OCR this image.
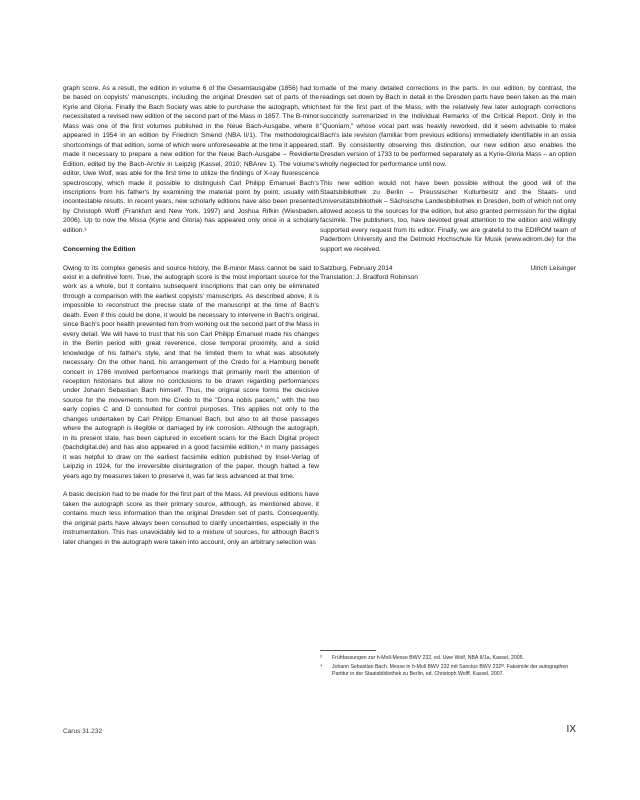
graph score. As a result, the edition in volume 6 of the Gesamtausgabe (1856) had to be based on copyists' manuscripts, including the original Dresden set of parts of the Kyrie and Gloria. Finally the Bach Society was able to purchase the autograph, which necessitated a revised new edition of the second part of the Mass in 1857. The B-minor Mass was one of the first volumes published in the Neue Bach-Ausgabe, where it appeared in 1954 in an edition by Friedrich Smend (NBA II/1). The methodological shortcomings of that edition, some of which were unforeseeable at the time it appeared, made it necessary to prepare a new edition for the Neue Bach-Ausgabe – Revidierte Edition, edited by the Bach-Archiv in Leipzig (Kassel, 2010; NBArev 1). The volume's editor, Uwe Wolf, was able for the first time to utilize the findings of X-ray fluorescence spectroscopy, which made it possible to distinguish Carl Philipp Emanuel Bach's inscriptions from his father's by examining the material point by point, usually with incontestable results. In recent years, new scholarly editions have also been presented by Christoph Wolff (Frankfurt and New York, 1997) and Joshua Rifkin (Wiesbaden, 2006). Up to now the Missa (Kyrie and Gloria) has appeared only once in a scholarly edition.³

Concerning the Edition

Owing to its complex genesis and source history, the B-minor Mass cannot be said to exist in a definitive form. True, the autograph score is the most important source for the work as a whole, but it contains subsequent inscriptions that can only be eliminated through a comparison with the earliest copyists' manuscripts. As described above, it is impossible to reconstruct the precise state of the manuscript at the time of Bach's death. Even if this could be done, it would be necessary to intervene in Bach's original, since Bach's poor health prevented him from working out the second part of the Mass in every detail. We will have to trust that his son Carl Philipp Emanuel made his changes in the Berlin period with great reverence, close temporal proximity, and a solid knowledge of his father's style, and that he limited them to what was absolutely necessary. On the other hand, his arrangement of the Credo for a Hamburg benefit concert in 1786 involved performance markings that primarily merit the attention of reception historians but allow no conclusions to be drawn regarding performances under Johann Sebastian Bach himself. Thus, the original score forms the decisive source for the movements from the Credo to the "Dona nobis pacem," with the two early copies C and D consulted for control purposes. This applies not only to the changes undertaken by Carl Philipp Emanuel Bach, but also to all those passages where the autograph is illegible or damaged by ink corrosion. Although the autograph, in its present state, has been captured in excellent scans for the Bach Digital project (bachdigital.de) and has also appeared in a good facsimile edition,⁴ in many passages it was helpful to draw on the earliest facsimile edition published by Insel-Verlag of Leipzig in 1924, for the irreversible disintegration of the paper, though halted a few years ago by measures taken to preserve it, was far less advanced at that time.

A basic decision had to be made for the first part of the Mass. All previous editions have taken the autograph score as their primary source, although, as mentioned above, it contains much less information than the original Dresden set of parts. Consequently, the original parts have always been consulted to clarify uncertainties, especially in the instrumentation. This has unavoidably led to a mixture of sources, for although Bach's later changes in the autograph were taken into account, only an arbitrary selection was

made of the many detailed corrections in the parts. In our edition, by contrast, the readings set down by Bach in detail in the Dresden parts have been taken as the main text for the first part of the Mass, with the relatively few later autograph corrections succinctly summarized in the Individual Remarks of the Critical Report. Only in the "Quoniam," whose vocal part was heavily reworked, did it seem advisable to make Bach's late revision (familiar from previous editions) immediately identifiable in an ossia staff. By consistently observing this distinction, our new edition also enables the Dresden version of 1733 to be performed separately as a Kyrie-Gloria Mass – an option wholly neglected for performance until now.

This new edition would not have been possible without the good will of the Staatsbibliothek zu Berlin – Preussischer Kulturbesitz and the Staats- und Universitätsbibliothek – Sächsische Landesbibliothek in Dresden, both of which not only allowed access to the sources for the edition, but also granted permission for the digital facsimile. The publishers, too, have devoted great attention to the edition and willingly supported every request from its editor. Finally, we are grateful to the EDIROM team of Paderborn University and the Detmold Hochschule für Musik (www.edirom.de) for the support we received.

Salzburg, February 2014	Ulrich Leisinger

Translation: J. Bradford Robinson

³	Frühfassungen zur h-Moll-Messe BWV 232, ed. Uwe Wolf, NBA II/1a, Kassel, 2005.
⁴	Johann Sebastian Bach. Messe in h-Moll BWV 232 mit Sanctus BWV 232ᴵᴵᴵ. Faksimile der autographen Partitur in der Staatsbibliothek zu Berlin, ed. Christoph Wolff, Kassel, 2007.
Carus 31.232	IX
